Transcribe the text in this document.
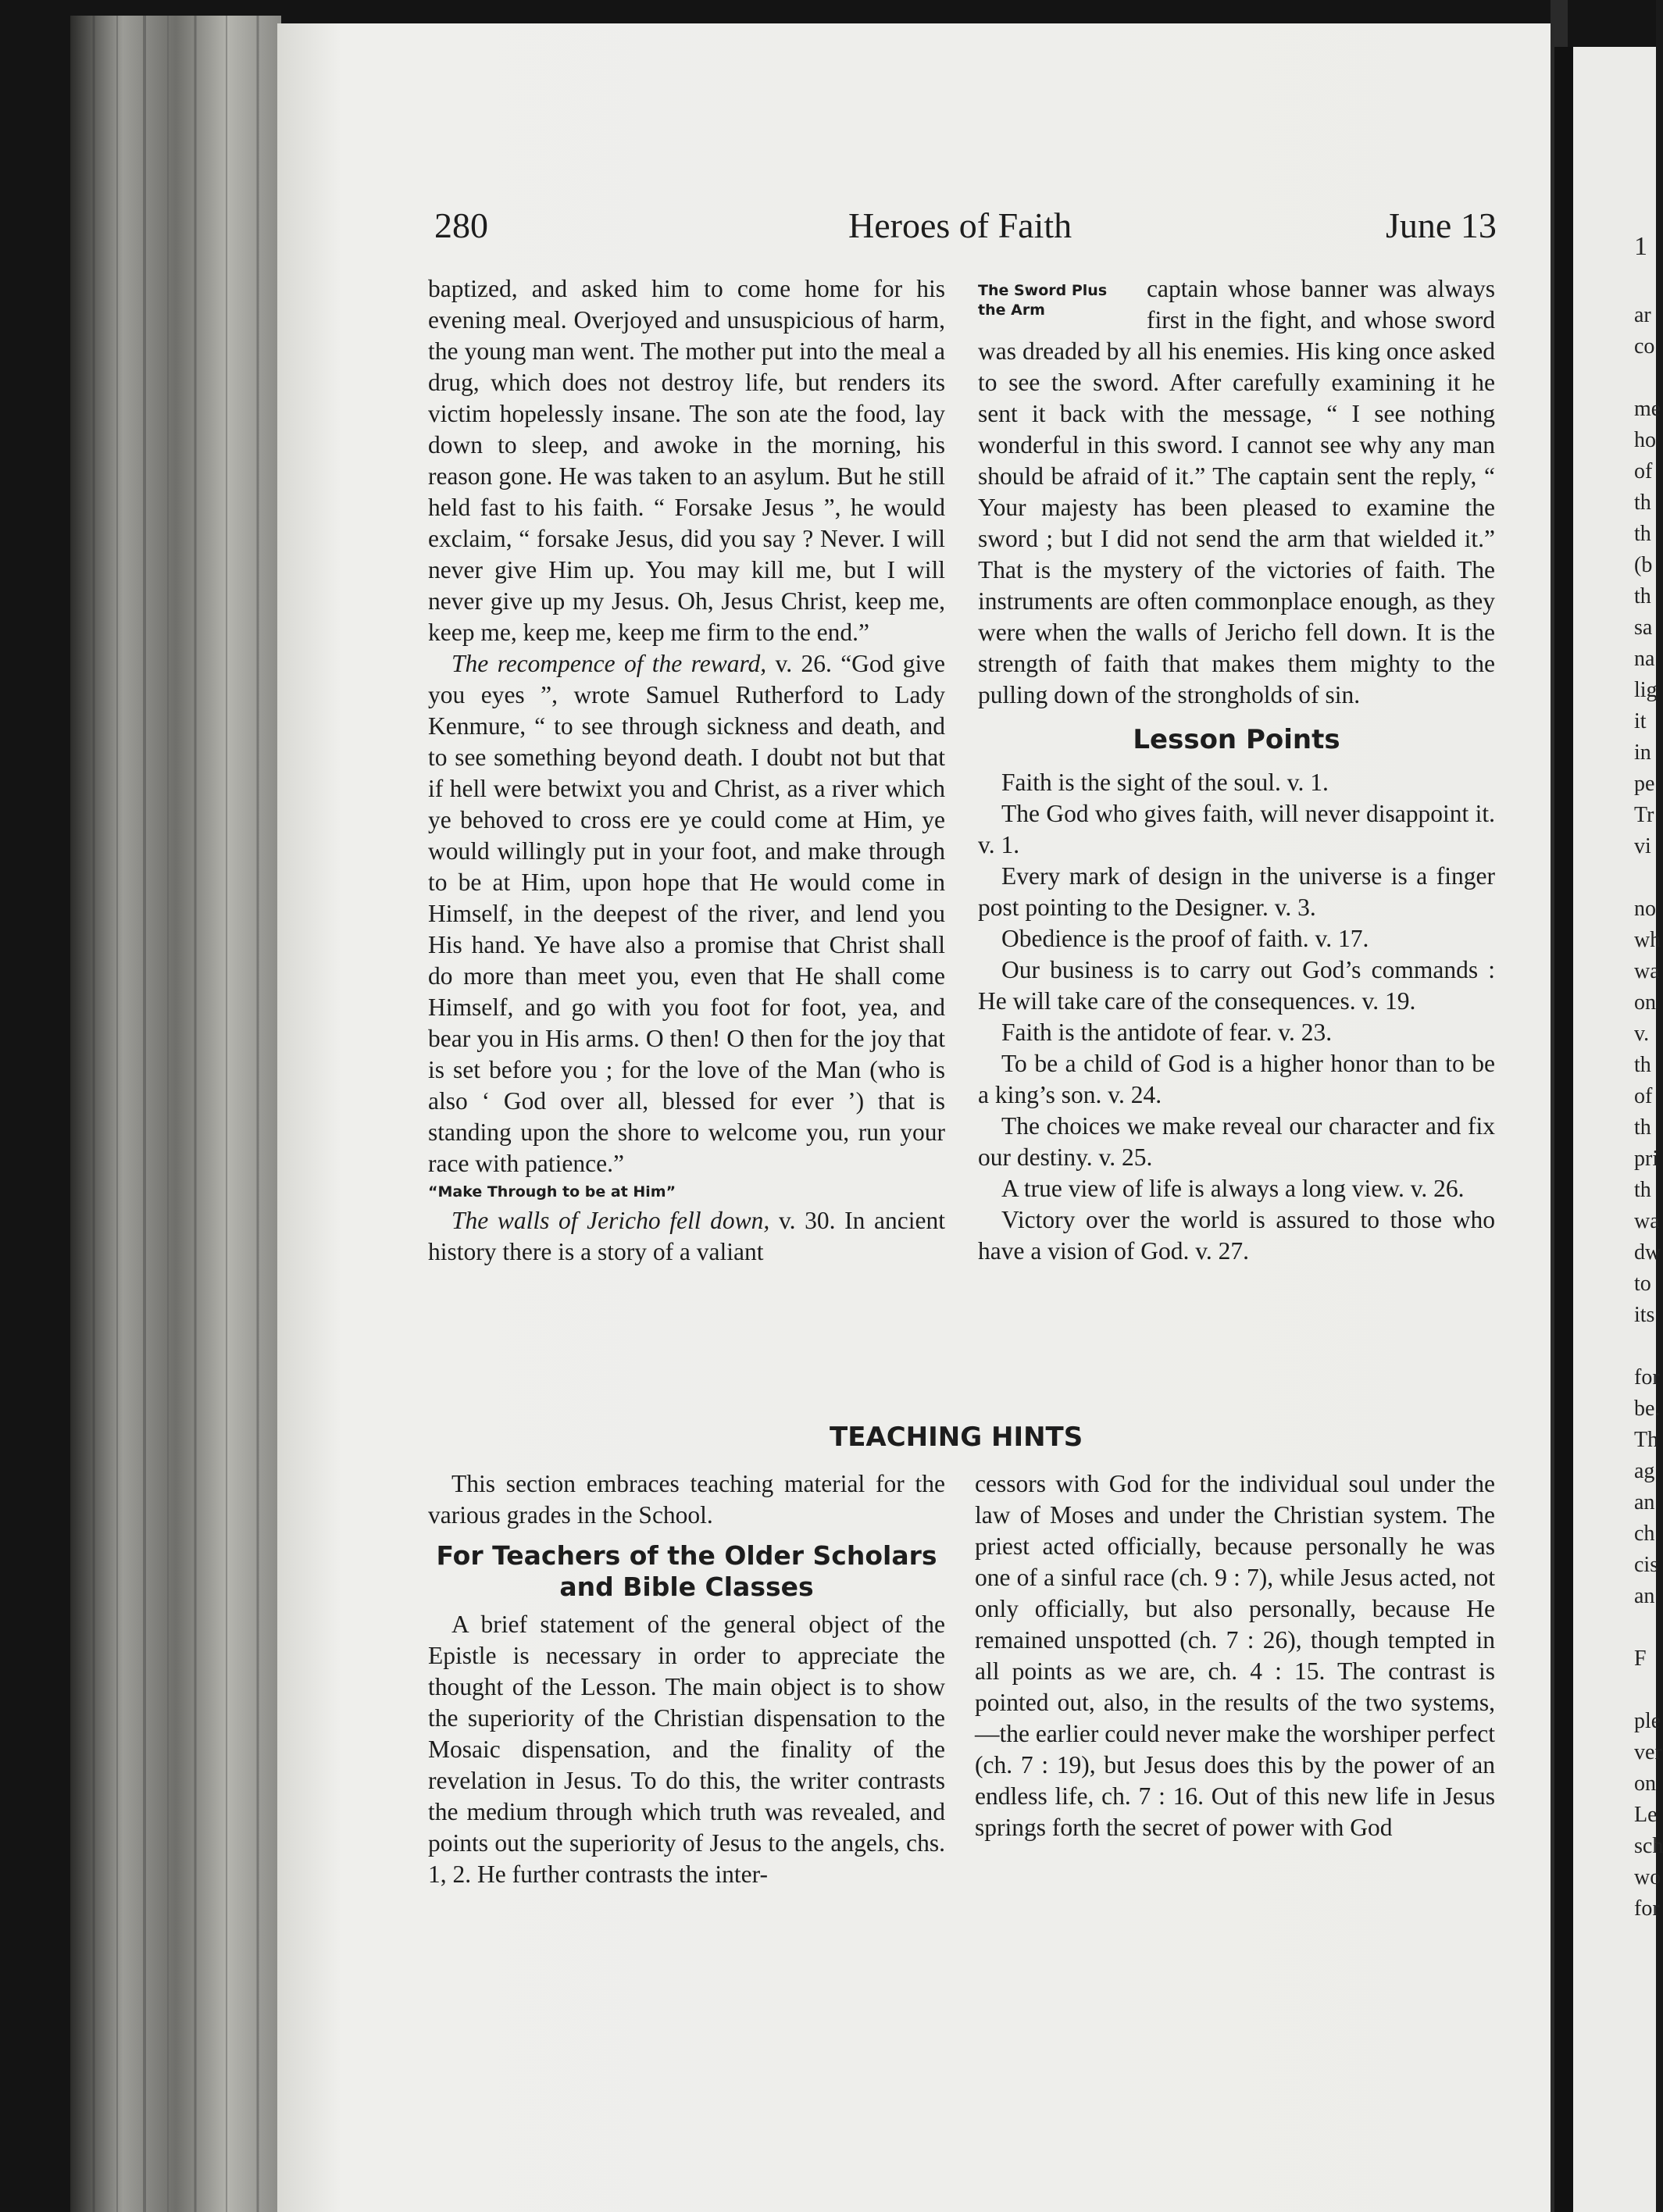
280	Heroes of Faith	June 13

baptized, and asked him to come home for his evening meal. Overjoyed and unsuspicious of harm, the young man went. The mother put into the meal a drug, which does not destroy life, but renders its victim hopelessly insane. The son ate the food, lay down to sleep, and awoke in the morning, his reason gone. He was taken to an asylum. But he still held fast to his faith. “ Forsake Jesus ”, he would exclaim, “ forsake Jesus, did you say ? Never. I will never give Him up. You may kill me, but I will never give up my Jesus. Oh, Jesus Christ, keep me, keep me, keep me, keep me firm to the end.”

The recompence of the reward, v. 26. “God give you eyes ”, wrote Samuel Rutherford to Lady Kenmure, “ to see through sickness and death, and to see something beyond death. I doubt not but that if hell were betwixt you and Christ, as a river which ye behoved to cross ere ye could come at Him, ye would willingly put in your foot, and make through to be at Him, upon hope that He would come in Himself, in the deepest of the river, and lend you His hand. Ye have also a promise that Christ shall do more than meet you, even that He shall come Himself, and go with you foot for foot, yea, and bear you in His arms. O then! O then for the joy that is set before you ; for the love of the Man (who is also ‘ God over all, blessed for ever ’) that is standing upon the shore to welcome you, run your race with patience.”

“Make Through to be at Him”

The walls of Jericho fell down, v. 30. In ancient history there is a story of a valiant

The Sword Plus the Arm

captain whose banner was always first in the fight, and whose sword was dreaded by all his enemies. His king once asked to see the sword. After carefully examining it he sent it back with the message, “ I see nothing wonderful in this sword. I cannot see why any man should be afraid of it.” The captain sent the reply, “ Your majesty has been pleased to examine the sword ; but I did not send the arm that wielded it.” That is the mystery of the victories of faith. The instruments are often commonplace enough, as they were when the walls of Jericho fell down. It is the strength of faith that makes them mighty to the pulling down of the strongholds of sin.

Lesson Points

Faith is the sight of the soul. v. 1.

The God who gives faith, will never disappoint it. v. 1.

Every mark of design in the universe is a finger post pointing to the Designer. v. 3.

Obedience is the proof of faith. v. 17.

Our business is to carry out God’s commands : He will take care of the consequences. v. 19.

Faith is the antidote of fear. v. 23.

To be a child of God is a higher honor than to be a king’s son. v. 24.

The choices we make reveal our character and fix our destiny. v. 25.

A true view of life is always a long view. v. 26.

Victory over the world is assured to those who have a vision of God. v. 27.

TEACHING HINTS

This section embraces teaching material for the various grades in the School.

For Teachers of the Older Scholars and Bible Classes

A brief statement of the general object of the Epistle is necessary in order to appreciate the thought of the Lesson. The main object is to show the superiority of the Christian dispensation to the Mosaic dispensation, and the finality of the revelation in Jesus. To do this, the writer contrasts the medium through which truth was revealed, and points out the superiority of Jesus to the angels, chs. 1, 2. He further contrasts the inter-

cessors with God for the individual soul under the law of Moses and under the Christian system. The priest acted officially, because personally he was one of a sinful race (ch. 9 : 7), while Jesus acted, not only officially, but also personally, because He remained unspotted (ch. 7 : 26), though tempted in all points as we are, ch. 4 : 15. The contrast is pointed out, also, in the results of the two systems,—the earlier could never make the worshiper perfect (ch. 7 : 19), but Jesus does this by the power of an endless life, ch. 7 : 16. Out of this new life in Jesus springs forth the secret of power with God

1
ar
co

me
ho
of
th
th
(b
th
sa
na
lig
it
in
pe
Tr
vi

no
wh
wa
on
v.
th
of
th
pri
th
wa
dw
to
its

for
be.
Th
ag
an
ch
cis
an

F

ple
ver
on
Le
sch
wo
for
